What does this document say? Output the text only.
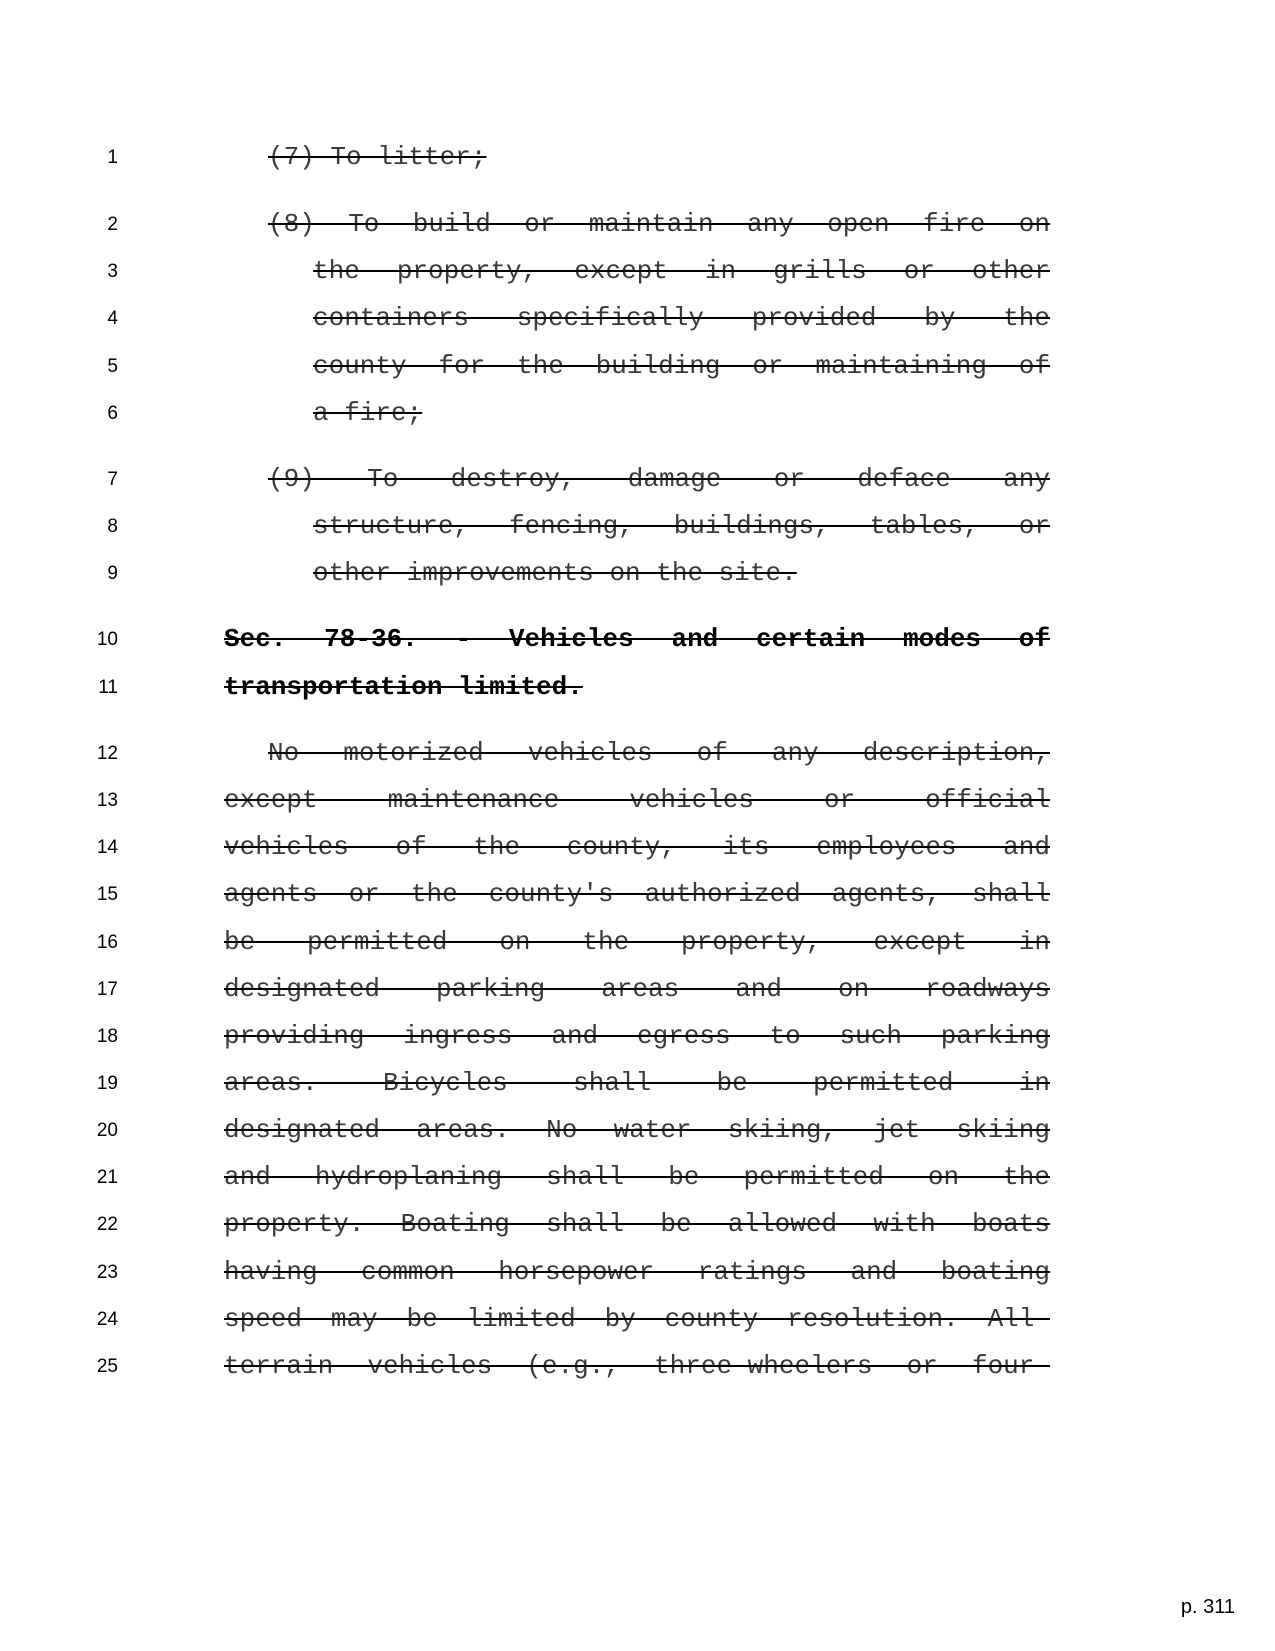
1
2
3
4
5
6
7
8
9
10
11
12
13
14
15
16
17
18
19
20
21
22
23
24
25
(7) To litter;
(8) To build or maintain any open fire on
the property, except in grills or other
containers specifically provided by the
county for the building or maintaining of
a fire;
(9) To destroy, damage or deface any
structure, fencing, buildings, tables, or
other improvements on the site.
Sec. 78-36. - Vehicles and certain modes of
transportation limited.
No motorized vehicles of any description,
except maintenance vehicles or official
vehicles of the county, its employees and
agents or the county's authorized agents, shall
be permitted on the property, except in
designated parking areas and on roadways
providing ingress and egress to such parking
areas. Bicycles shall be permitted in
designated areas. No water skiing, jet skiing
and hydroplaning shall be permitted on the
property. Boating shall be allowed with boats
having common horsepower ratings and boating
speed may be limited by county resolution. All-
terrain vehicles (e.g., three-wheelers or four-
p. 311
